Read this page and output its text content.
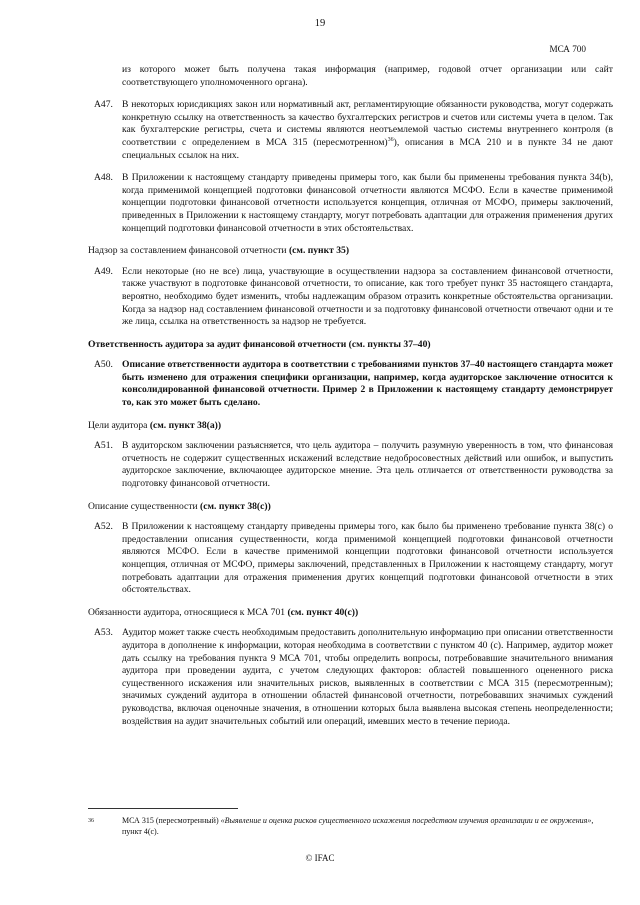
19
МСА 700
из которого может быть получена такая информация (например, годовой отчет организации или сайт соответствующего уполномоченного органа).
A47. В некоторых юрисдикциях закон или нормативный акт, регламентирующие обязанности руководства, могут содержать конкретную ссылку на ответственность за качество бухгалтерских регистров и счетов или системы учета в целом. Так как бухгалтерские регистры, счета и системы являются неотъемлемой частью системы внутреннего контроля (в соответствии с определением в МСА 315 (пересмотренном)$^{36}$), описания в МСА 210 и в пункте 34 не дают специальных ссылок на них.
A48. В Приложении к настоящему стандарту приведены примеры того, как были бы применены требования пункта 34(b), когда применимой концепцией подготовки финансовой отчетности являются МСФО. Если в качестве применимой концепции подготовки финансовой отчетности используется концепция, отличная от МСФО, примеры заключений, приведенных в Приложении к настоящему стандарту, могут потребовать адаптации для отражения применения других концепций подготовки финансовой отчетности в этих обстоятельствах.
Надзор за составлением финансовой отчетности (см. пункт 35)
A49. Если некоторые (но не все) лица, участвующие в осуществлении надзора за составлением финансовой отчетности, также участвуют в подготовке финансовой отчетности, то описание, как того требует пункт 35 настоящего стандарта, вероятно, необходимо будет изменить, чтобы надлежащим образом отразить конкретные обстоятельства организации. Когда за надзор над составлением финансовой отчетности и за подготовку финансовой отчетности отвечают одни и те же лица, ссылка на ответственность за надзор не требуется.
Ответственность аудитора за аудит финансовой отчетности (см. пункты 37–40)
A50. Описание ответственности аудитора в соответствии с требованиями пунктов 37–40 настоящего стандарта может быть изменено для отражения специфики организации, например, когда аудиторское заключение относится к консолидированной финансовой отчетности. Пример 2 в Приложении к настоящему стандарту демонстрирует то, как это может быть сделано.
Цели аудитора (см. пункт 38(a))
A51. В аудиторском заключении разъясняется, что цель аудитора – получить разумную уверенность в том, что финансовая отчетность не содержит существенных искажений вследствие недобросовестных действий или ошибок, и выпустить аудиторское заключение, включающее аудиторское мнение. Эта цель отличается от ответственности руководства за подготовку финансовой отчетности.
Описание существенности (см. пункт 38(c))
A52. В Приложении к настоящему стандарту приведены примеры того, как было бы применено требование пункта 38(c) о предоставлении описания существенности, когда применимой концепцией подготовки финансовой отчетности являются МСФО. Если в качестве применимой концепции подготовки финансовой отчетности используется концепция, отличная от МСФО, примеры заключений, представленных в Приложении к настоящему стандарту, могут потребовать адаптации для отражения применения других концепций подготовки финансовой отчетности в этих обстоятельствах.
Обязанности аудитора, относящиеся к МСА 701 (см. пункт 40(c))
A53. Аудитор может также счесть необходимым предоставить дополнительную информацию при описании ответственности аудитора в дополнение к информации, которая необходима в соответствии с пунктом 40 (c). Например, аудитор может дать ссылку на требования пункта 9 МСА 701, чтобы определить вопросы, потребовавшие значительного внимания аудитора при проведении аудита, с учетом следующих факторов: областей повышенного оцененного риска существенного искажения или значительных рисков, выявленных в соответствии с МСА 315 (пересмотренным); значимых суждений аудитора в отношении областей финансовой отчетности, потребовавших значимых суждений руководства, включая оценочные значения, в отношении которых была выявлена высокая степень неопределенности; воздействия на аудит значительных событий или операций, имевших место в течение периода.
36	МСА 315 (пересмотренный) «Выявление и оценка рисков существенного искажения посредством изучения организации и ее окружения», пункт 4(c).
© IFAC
